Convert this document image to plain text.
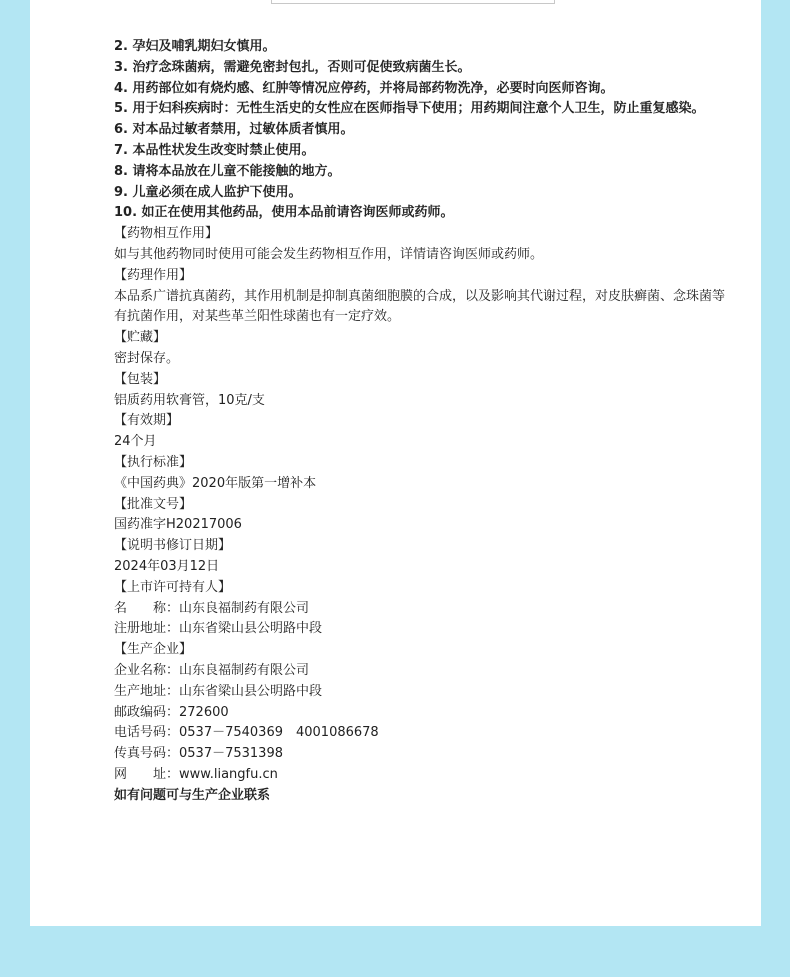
2. 孕妇及哺乳期妇女慎用。
3. 治疗念珠菌病，需避免密封包扎，否则可促使致病菌生长。
4. 用药部位如有烧灼感、红肿等情况应停药，并将局部药物洗净，必要时向医师咨询。
5. 用于妇科疾病时：无性生活史的女性应在医师指导下使用；用药期间注意个人卫生，防止重复感染。
6. 对本品过敏者禁用，过敏体质者慎用。
7. 本品性状发生改变时禁止使用。
8. 请将本品放在儿童不能接触的地方。
9. 儿童必须在成人监护下使用。
10. 如正在使用其他药品，使用本品前请咨询医师或药师。
【药物相互作用】
如与其他药物同时使用可能会发生药物相互作用，详情请咨询医师或药师。
【药理作用】
本品系广谱抗真菌药，其作用机制是抑制真菌细胞膜的合成，以及影响其代谢过程，对皮肤癣菌、念珠菌等有抗菌作用，对某些革兰阳性球菌也有一定疗效。
【贮藏】
密封保存。
【包装】
铝质药用软膏管，10克/支
【有效期】
24个月
【执行标准】
《中国药典》2020年版第一增补本
【批准文号】
国药准字H20217006
【说明书修订日期】
2024年03月12日
【上市许可持有人】
名　　称：山东良福制药有限公司
注册地址：山东省梁山县公明路中段
【生产企业】
企业名称：山东良福制药有限公司
生产地址：山东省梁山县公明路中段
邮政编码：272600
电话号码：0537－7540369　4001086678
传真号码：0537－7531398
网　　址：www.liangfu.cn
如有问题可与生产企业联系
